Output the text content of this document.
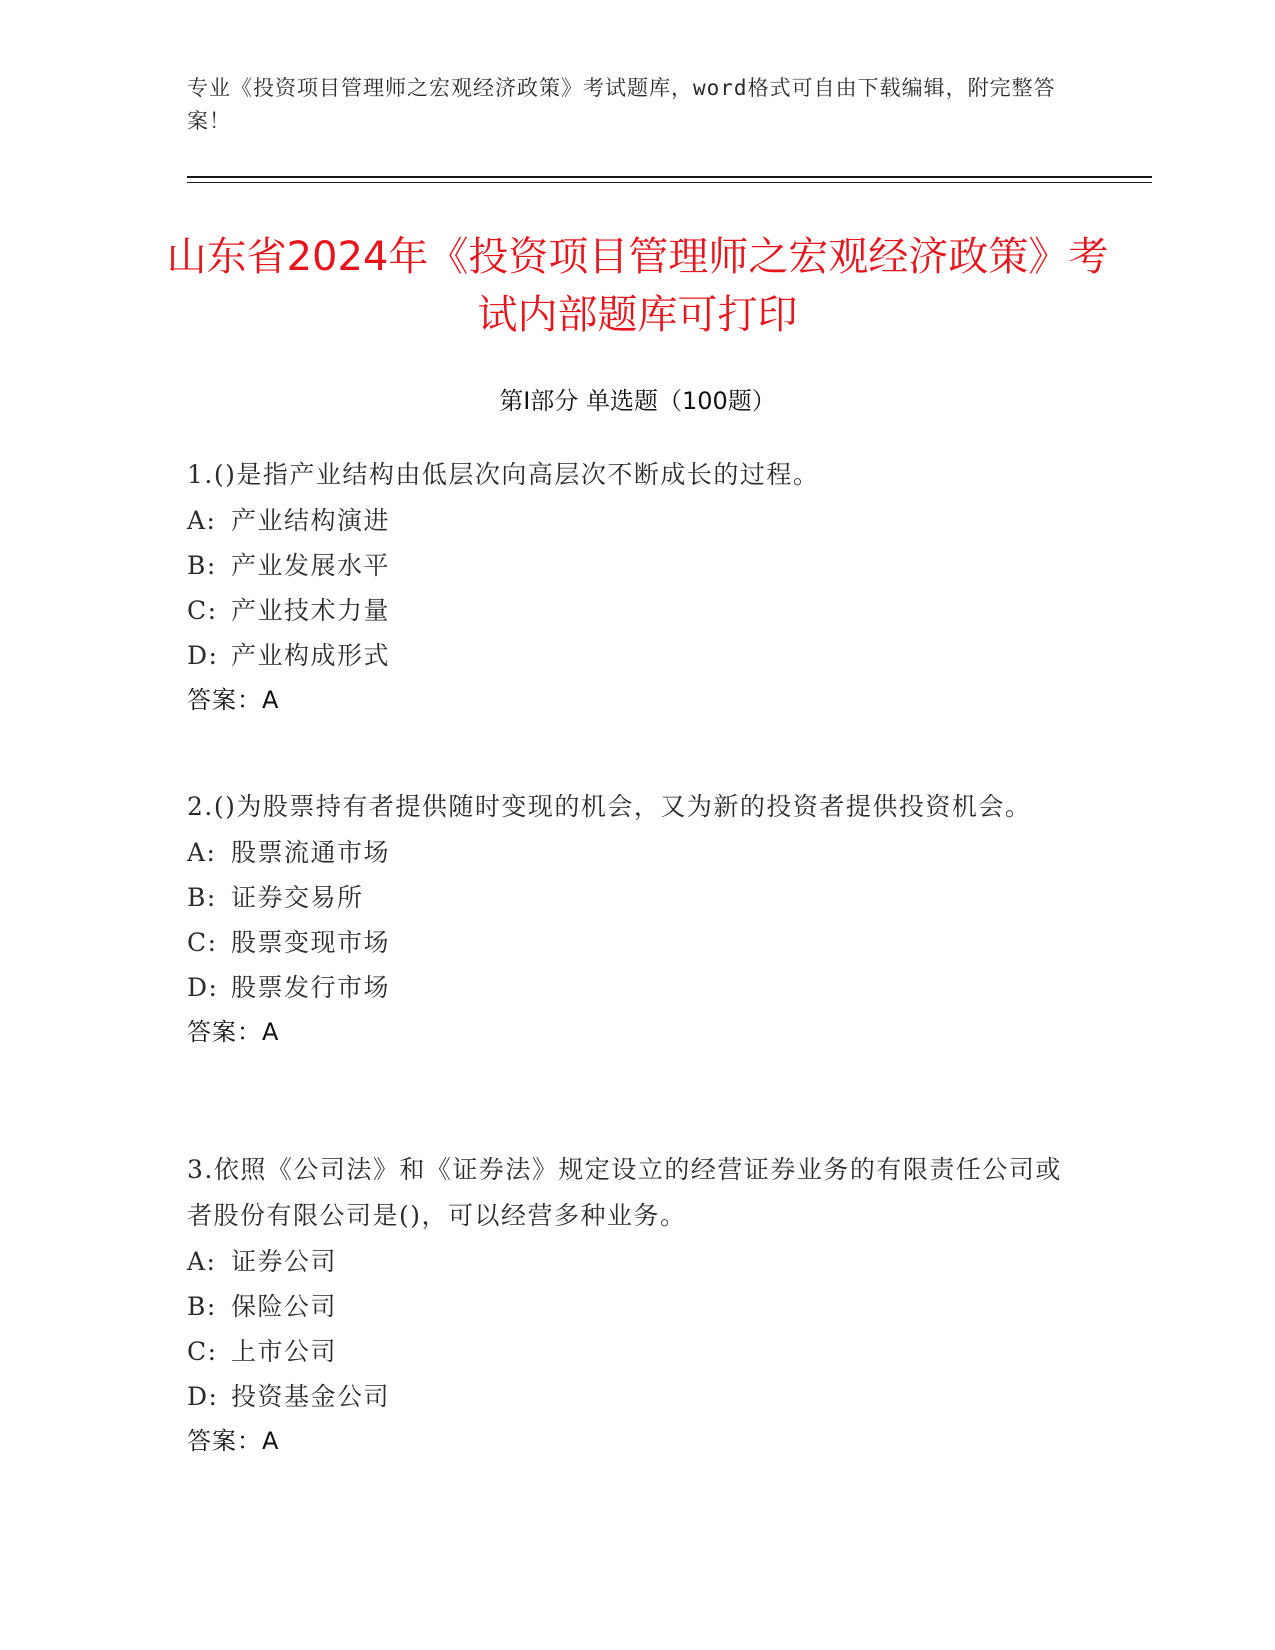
专业《投资项目管理师之宏观经济政策》考试题库，word格式可自由下载编辑，附完整答案！
山东省2024年《投资项目管理师之宏观经济政策》考试内部题库可打印
第I部分 单选题（100题）
1.()是指产业结构由低层次向高层次不断成长的过程。
A: 产业结构演进
B: 产业发展水平
C: 产业技术力量
D: 产业构成形式
答案：A
2.()为股票持有者提供随时变现的机会，又为新的投资者提供投资机会。
A: 股票流通市场
B: 证券交易所
C: 股票变现市场
D: 股票发行市场
答案：A
3.依照《公司法》和《证券法》规定设立的经营证券业务的有限责任公司或者股份有限公司是()，可以经营多种业务。
A: 证券公司
B: 保险公司
C: 上市公司
D: 投资基金公司
答案：A
